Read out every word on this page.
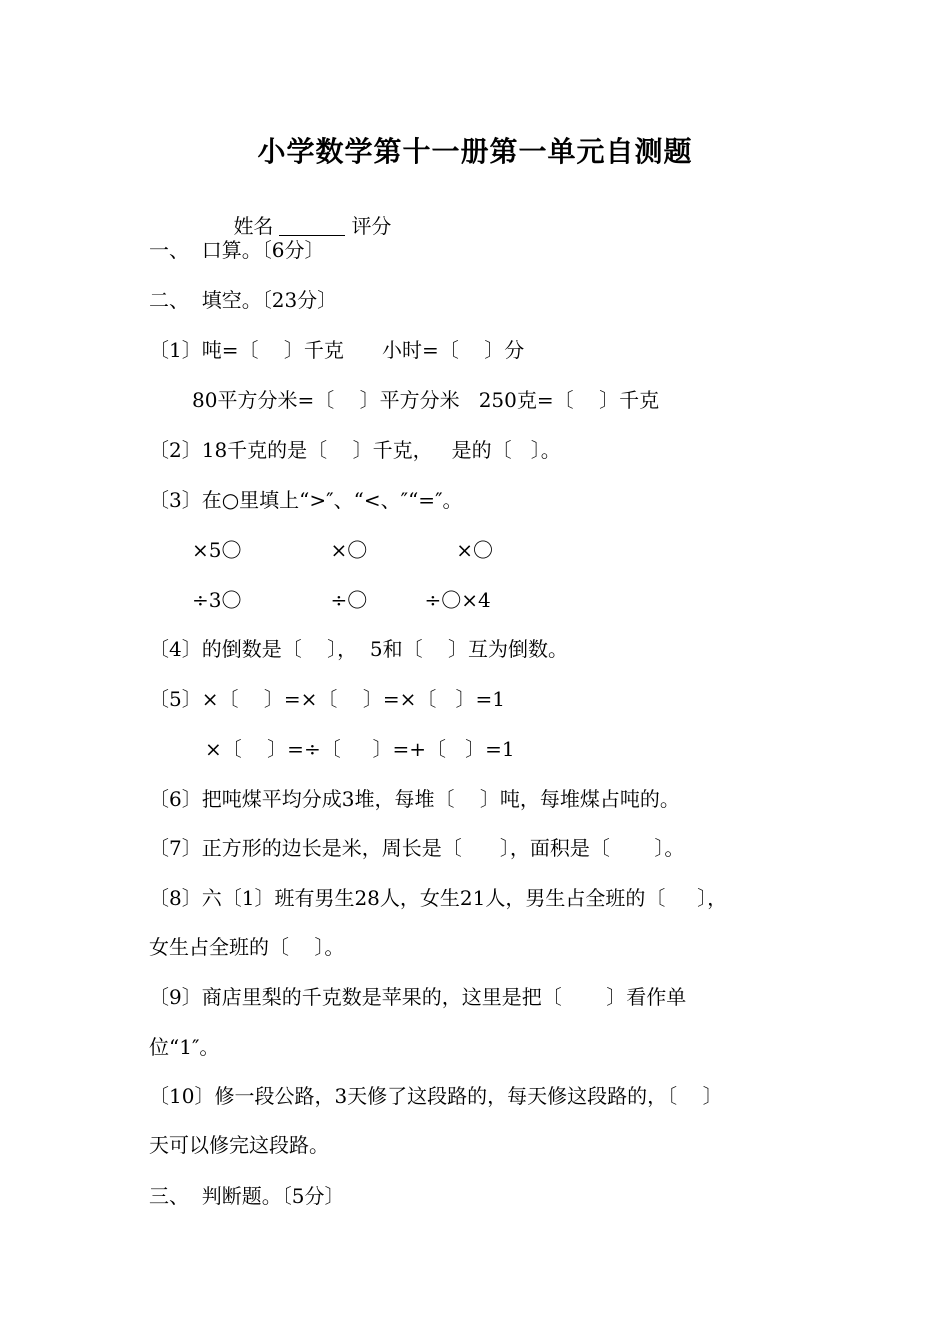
小学数学第十一册第一单元自测题

姓名	评分

一、  口算。〔6分〕
二、  填空。〔23分〕
〔1〕吨=〔    〕千克      小时=〔    〕分
80平方分米=〔    〕平方分米   250克=〔    〕千克
〔2〕18千克的是〔    〕千克，   是的〔   〕。
〔3〕在○里填上“>″、“<、″“=″。
×5〇              ×〇              ×〇
÷3〇              ÷〇         ÷〇×4
〔4〕的倒数是〔    〕，  5和〔    〕互为倒数。
〔5〕×〔    〕=×〔    〕=×〔   〕=1
×〔    〕=÷〔     〕=+〔   〕=1
〔6〕把吨煤平均分成3堆，每堆〔    〕吨，每堆煤占吨的。
〔7〕正方形的边长是米，周长是〔      〕，面积是〔       〕。
〔8〕六〔1〕班有男生28人，女生21人，男生占全班的〔     〕，
女生占全班的〔    〕。
〔9〕商店里梨的千克数是苹果的，这里是把〔       〕看作单
位“1″。
〔10〕修一段公路，3天修了这段路的，每天修这段路的，〔    〕
天可以修完这段路。
三、  判断题。〔5分〕
